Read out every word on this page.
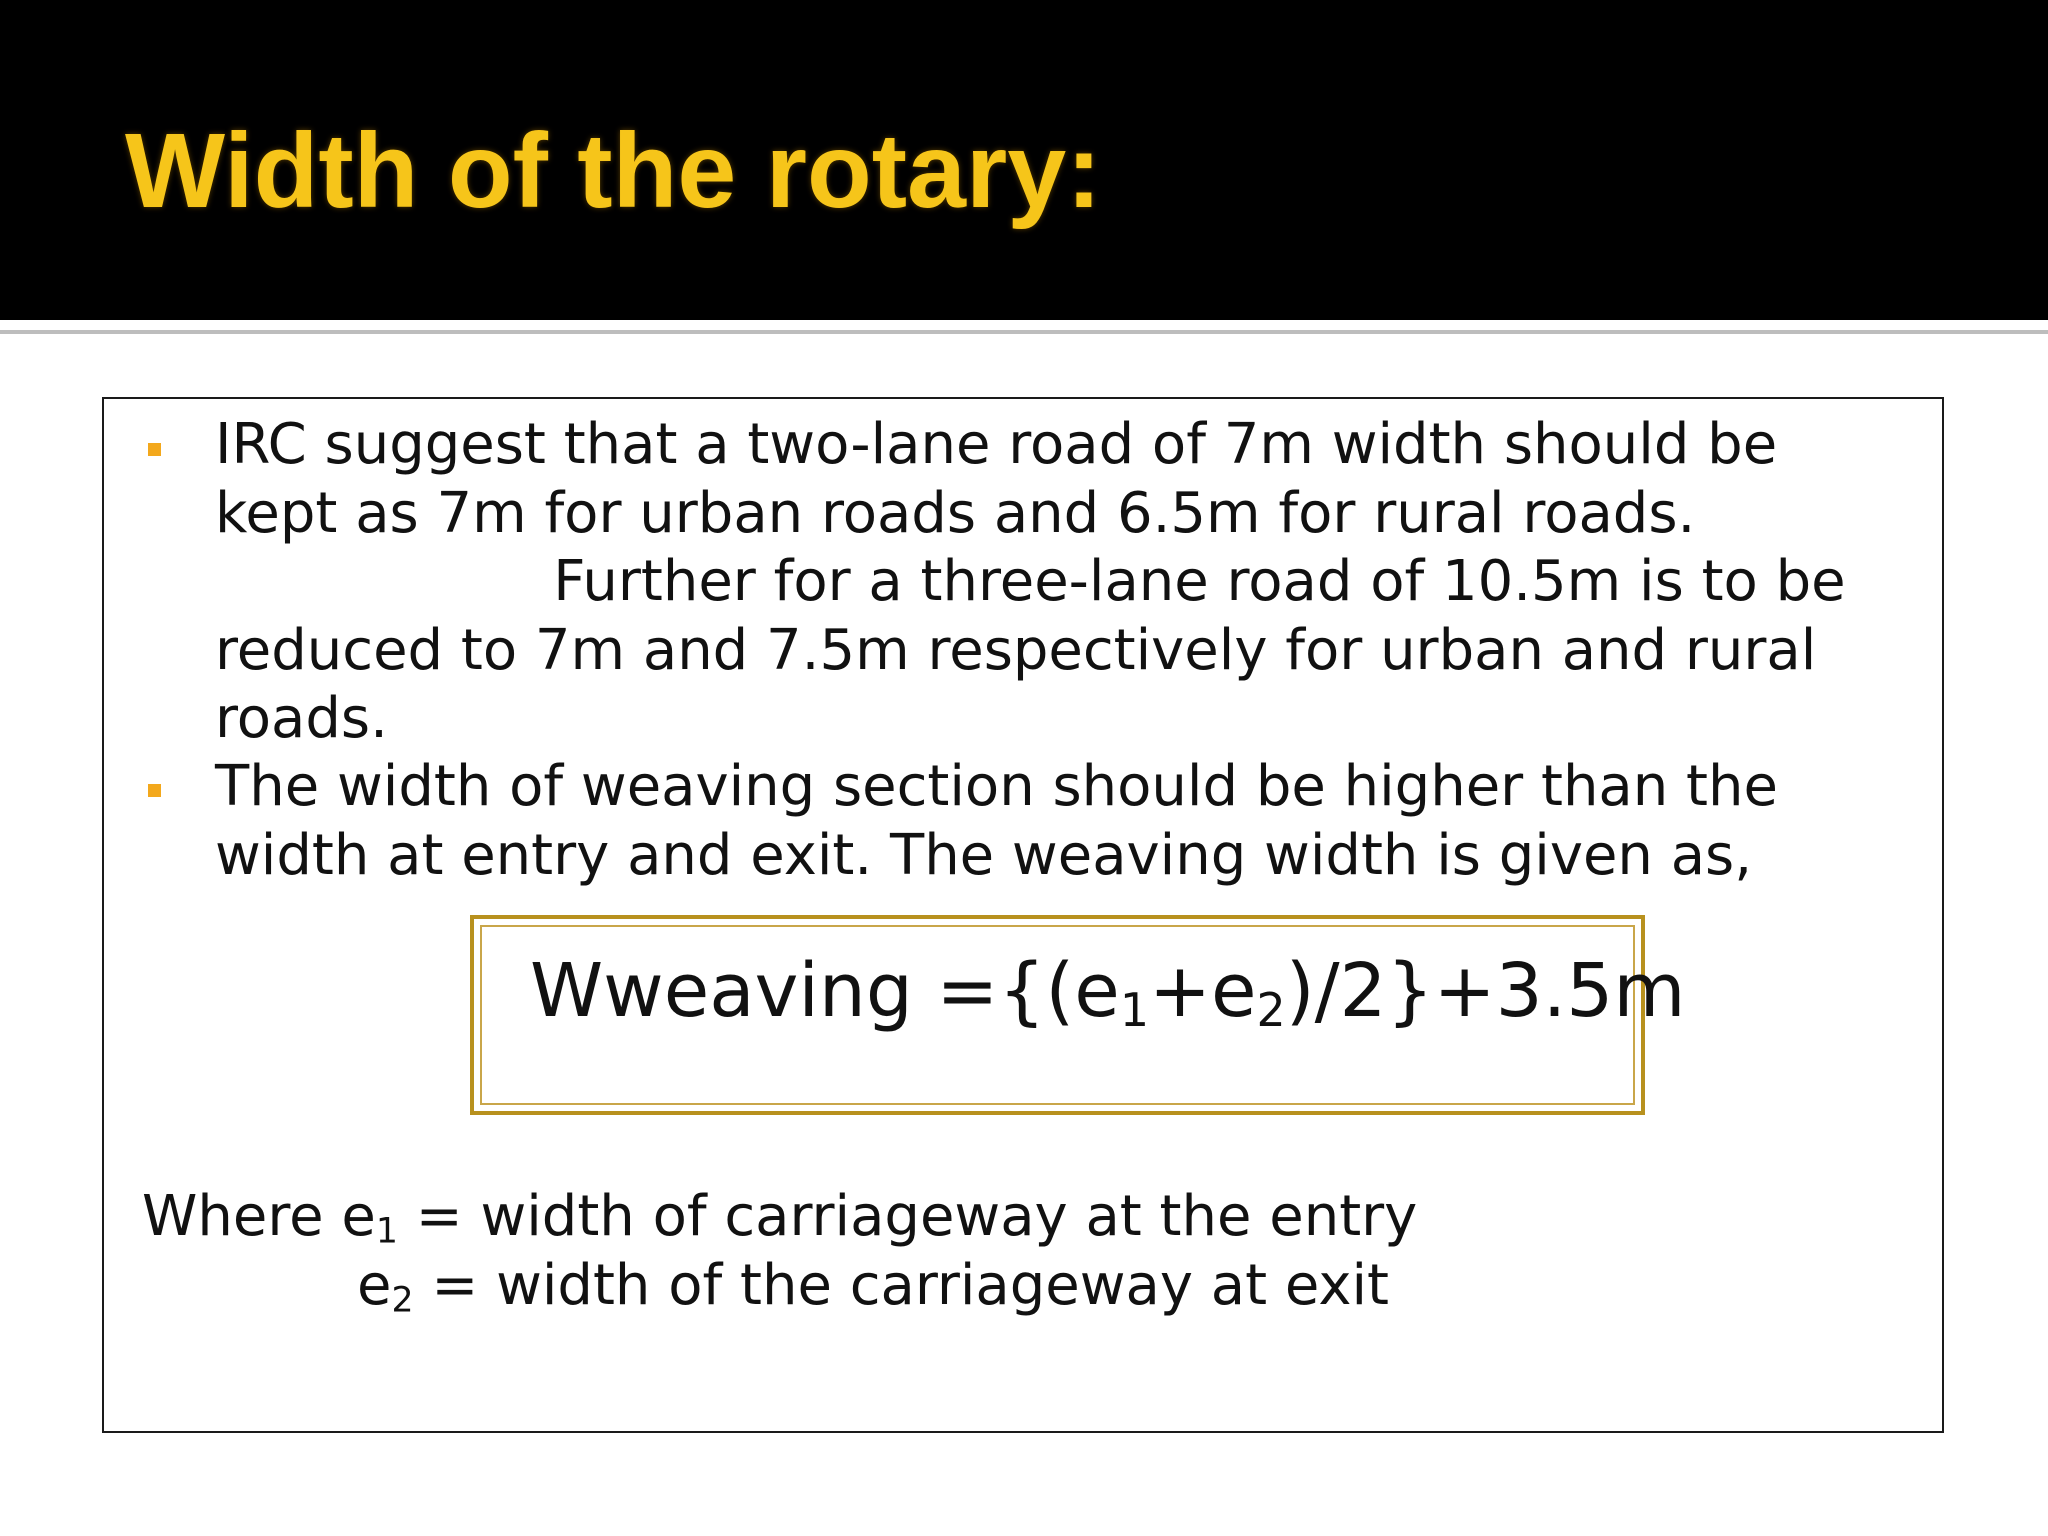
Width of the rotary:
IRC suggest that a two-lane road of 7m width should be
kept as 7m for urban roads and 6.5m for rural roads.
Further for a three-lane road of 10.5m is to be
reduced to 7m and 7.5m respectively for urban and rural
roads.
The width of weaving section should be higher than the
width at entry and exit. The weaving width is given as,
Wweaving $=\{(e_1+e_2)/2\}+3.5m$
Where $e_1$ = width of carriageway at the entry
$e_2$ = width of the carriageway at exit
